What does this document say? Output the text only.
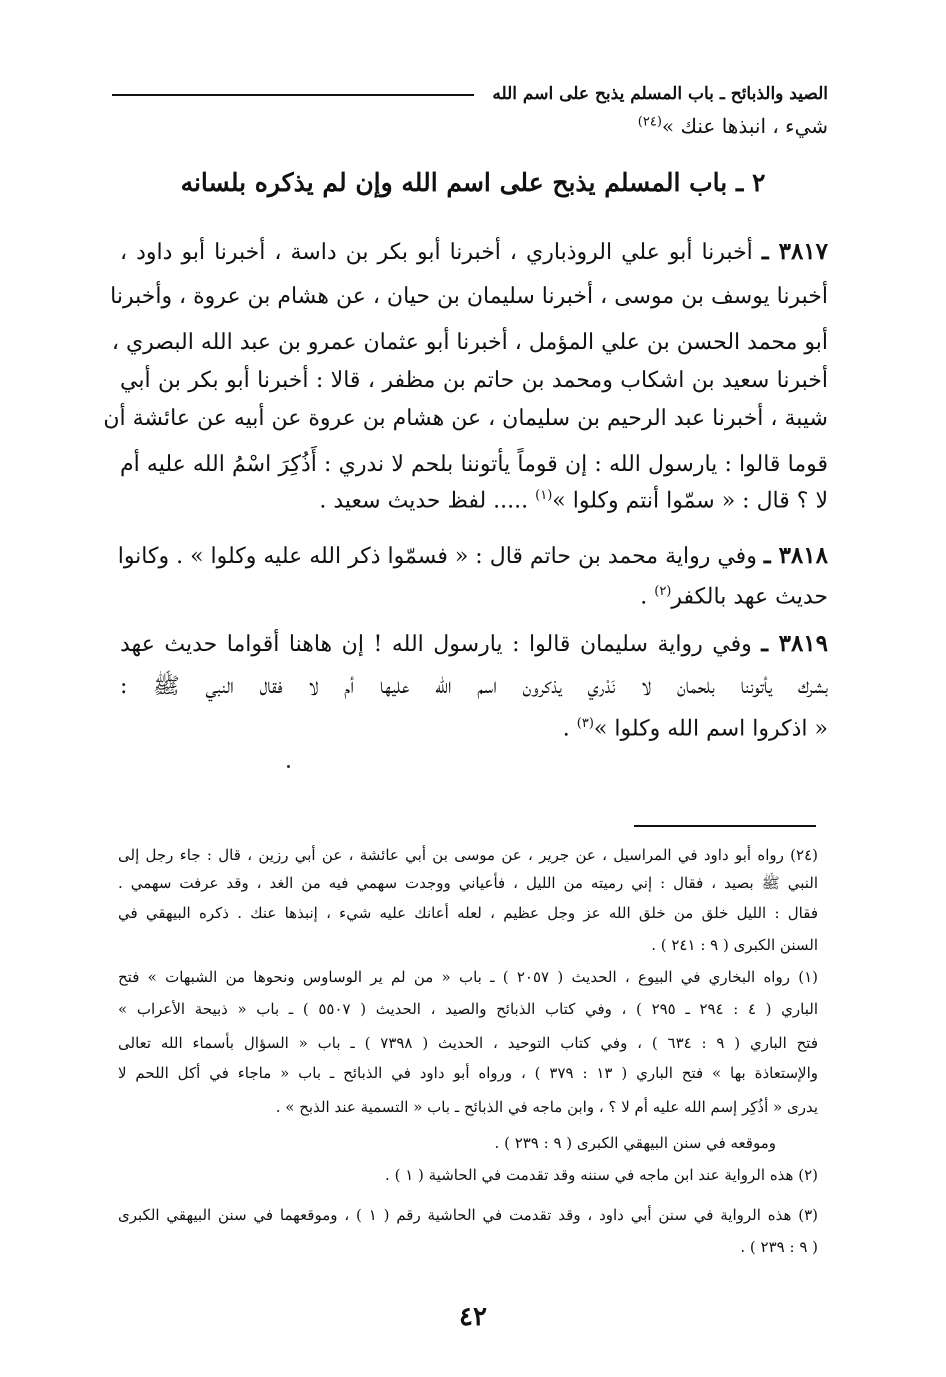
الصيد والذبائح ـ باب المسلم يذبح على اسم الله
شيء ، انبذها عنك »$^{(٢٤)}$
٢ ـ باب المسلم يذبح على اسم الله وإن لم يذكره بلسانه
٣٨١٧ ـ أخبرنا أبو علي الروذباري ، أخبرنا أبو بكر بن داسة ، أخبرنا أبو داود ،
أخبرنا يوسف بن موسى ، أخبرنا سليمان بن حيان ، عن هشام بن عروة ، وأخبرنا
أبو محمد الحسن بن علي المؤمل ، أخبرنا أبو عثمان عمرو بن عبد الله البصري ،
أخبرنا سعيد بن اشكاب ومحمد بن حاتم بن مظفر ، قالا : أخبرنا أبو بكر بن أبي
شيبة ، أخبرنا عبد الرحيم بن سليمان ، عن هشام بن عروة عن أبيه عن عائشة أن
قوما قالوا : يارسول الله : إن قوماً يأتوننا بلحم لا ندري : أَذُكِرَ اسْمُ الله عليه أم
لا ؟ قال : « سمّوا أنتم وكلوا »$^{(١)}$ ..... لفظ حديث سعيد .
٣٨١٨ ـ وفي رواية محمد بن حاتم قال : « فسمّوا ذكر الله عليه وكلوا » . وكانوا
حديث عهد بالكفر$^{(٢)}$ .
٣٨١٩ ـ وفي رواية سليمان قالوا : يارسول الله ! إن هاهنا أقواما حديث عهد
بشرك يأتوننا بلحمان لا نَدْري يذكرون اسم الله عليها أم لا فقال النبي ﷺ :
« اذكروا اسم الله وكلوا »$^{(٣)}$ .
(٢٤) رواه أبو داود في المراسيل ، عن جرير ، عن موسى بن أبي عائشة ، عن أبي رزين ، قال : جاء رجل إلى
النبي ﷺ بصيد ، فقال : إني رميته من الليل ، فأعياني ووجدت سهمي فيه من الغد ، وقد عرفت سهمي .
فقال : الليل خلق من خلق الله عز وجل عظيم ، لعله أعانك عليه شيء ، إنبذها عنك . ذكره البيهقي في
السنن الكبرى ( ٩ : ٢٤١ ) .
(١) رواه البخاري في البيوع ، الحديث ( ٢٠٥٧ ) ـ باب « من لم ير الوساوس ونحوها من الشبهات » فتح
الباري ( ٤ : ٢٩٤ ـ ٢٩٥ ) ، وفي كتاب الذبائح والصيد ، الحديث ( ٥٥٠٧ ) ـ باب « ذبيحة الأعراب »
فتح الباري ( ٩ : ٦٣٤ ) ، وفي كتاب التوحيد ، الحديث ( ٧٣٩٨ ) ـ باب « السؤال بأسماء الله تعالى
والإستعاذة بها » فتح الباري ( ١٣ : ٣٧٩ ) ، ورواه أبو داود في الذبائح ـ باب « ماجاء في أكل اللحم لا
يدرى « أذُكِر إسم الله عليه أم لا ؟ ، وابن ماجه في الذبائح ـ باب « التسمية عند الذبح » .
وموقعه في سنن البيهقي الكبرى ( ٩ : ٢٣٩ ) .
(٢) هذه الرواية عند ابن ماجه في سننه وقد تقدمت في الحاشية ( ١ ) .
(٣) هذه الرواية في سنن أبي داود ، وقد تقدمت في الحاشية رقم ( ١ ) ، وموقعهما في سنن البيهقي الكبرى
( ٩ : ٢٣٩ ) .
٤٢
